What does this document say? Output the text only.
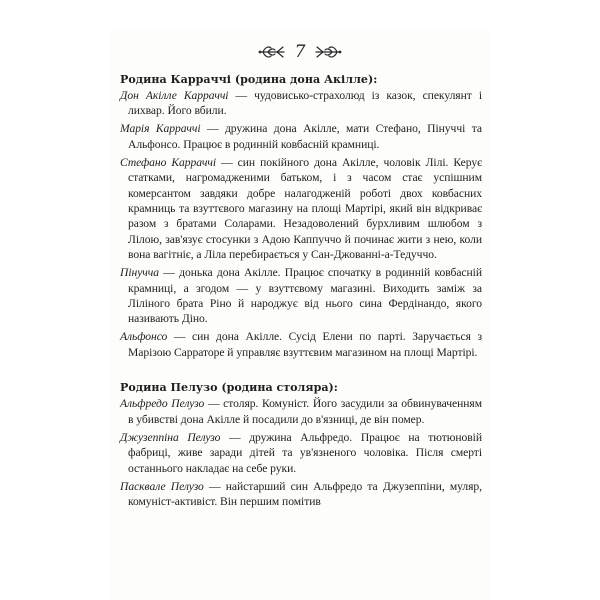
7
Родина Карраччі (родина дона Акілле):

Дон Акілле Карраччі — чудовисько-страхолюд із казок, спекулянт і лихвар. Його вбили.

Марія Карраччі — дружина дона Акілле, мати Стефано, Пінуччі та Альфонсо. Працює в родинній ковбасній крамниці.

Стефано Карраччі — син покійного дона Акілле, чоловік Лілі. Керує статками, нагромадженими батьком, і з часом стає успішним комерсантом завдяки добре налагодженій роботі двох ковбасних крамниць та взуттєвого магазину на площі Мартірі, який він відкриває разом з братами Соларами. Незадоволений бурхливим шлюбом з Лілою, зав'язує стосунки з Адою Каппуччо й починає жити з нею, коли вона вагітніє, а Ліла перебирається у Сан-Джованні-а-Тедуччо.

Пінучча — донька дона Акілле. Працює спочатку в родинній ковбасній крамниці, а згодом — у взуттєвому магазині. Виходить заміж за Ліліного брата Ріно й народжує від нього сина Фердінандо, якого називають Діно.

Альфонсо — син дона Акілле. Сусід Елени по парті. Заручається з Марізою Сарраторе й управляє взуттєвим магазином на площі Мартірі.

Родина Пелузо (родина столяра):

Альфредо Пелузо — столяр. Комуніст. Його засудили за обвинуваченням в убивстві дона Акілле й посадили до в'язниці, де він помер.

Джузеппіна Пелузо — дружина Альфредо. Працює на тютюновій фабриці, живе заради дітей та ув'язненого чоловіка. Після смерті останнього накладає на себе руки.

Пасквале Пелузо — найстарший син Альфредо та Джузеппіни, муляр, комуніст-активіст. Він першим помітив
